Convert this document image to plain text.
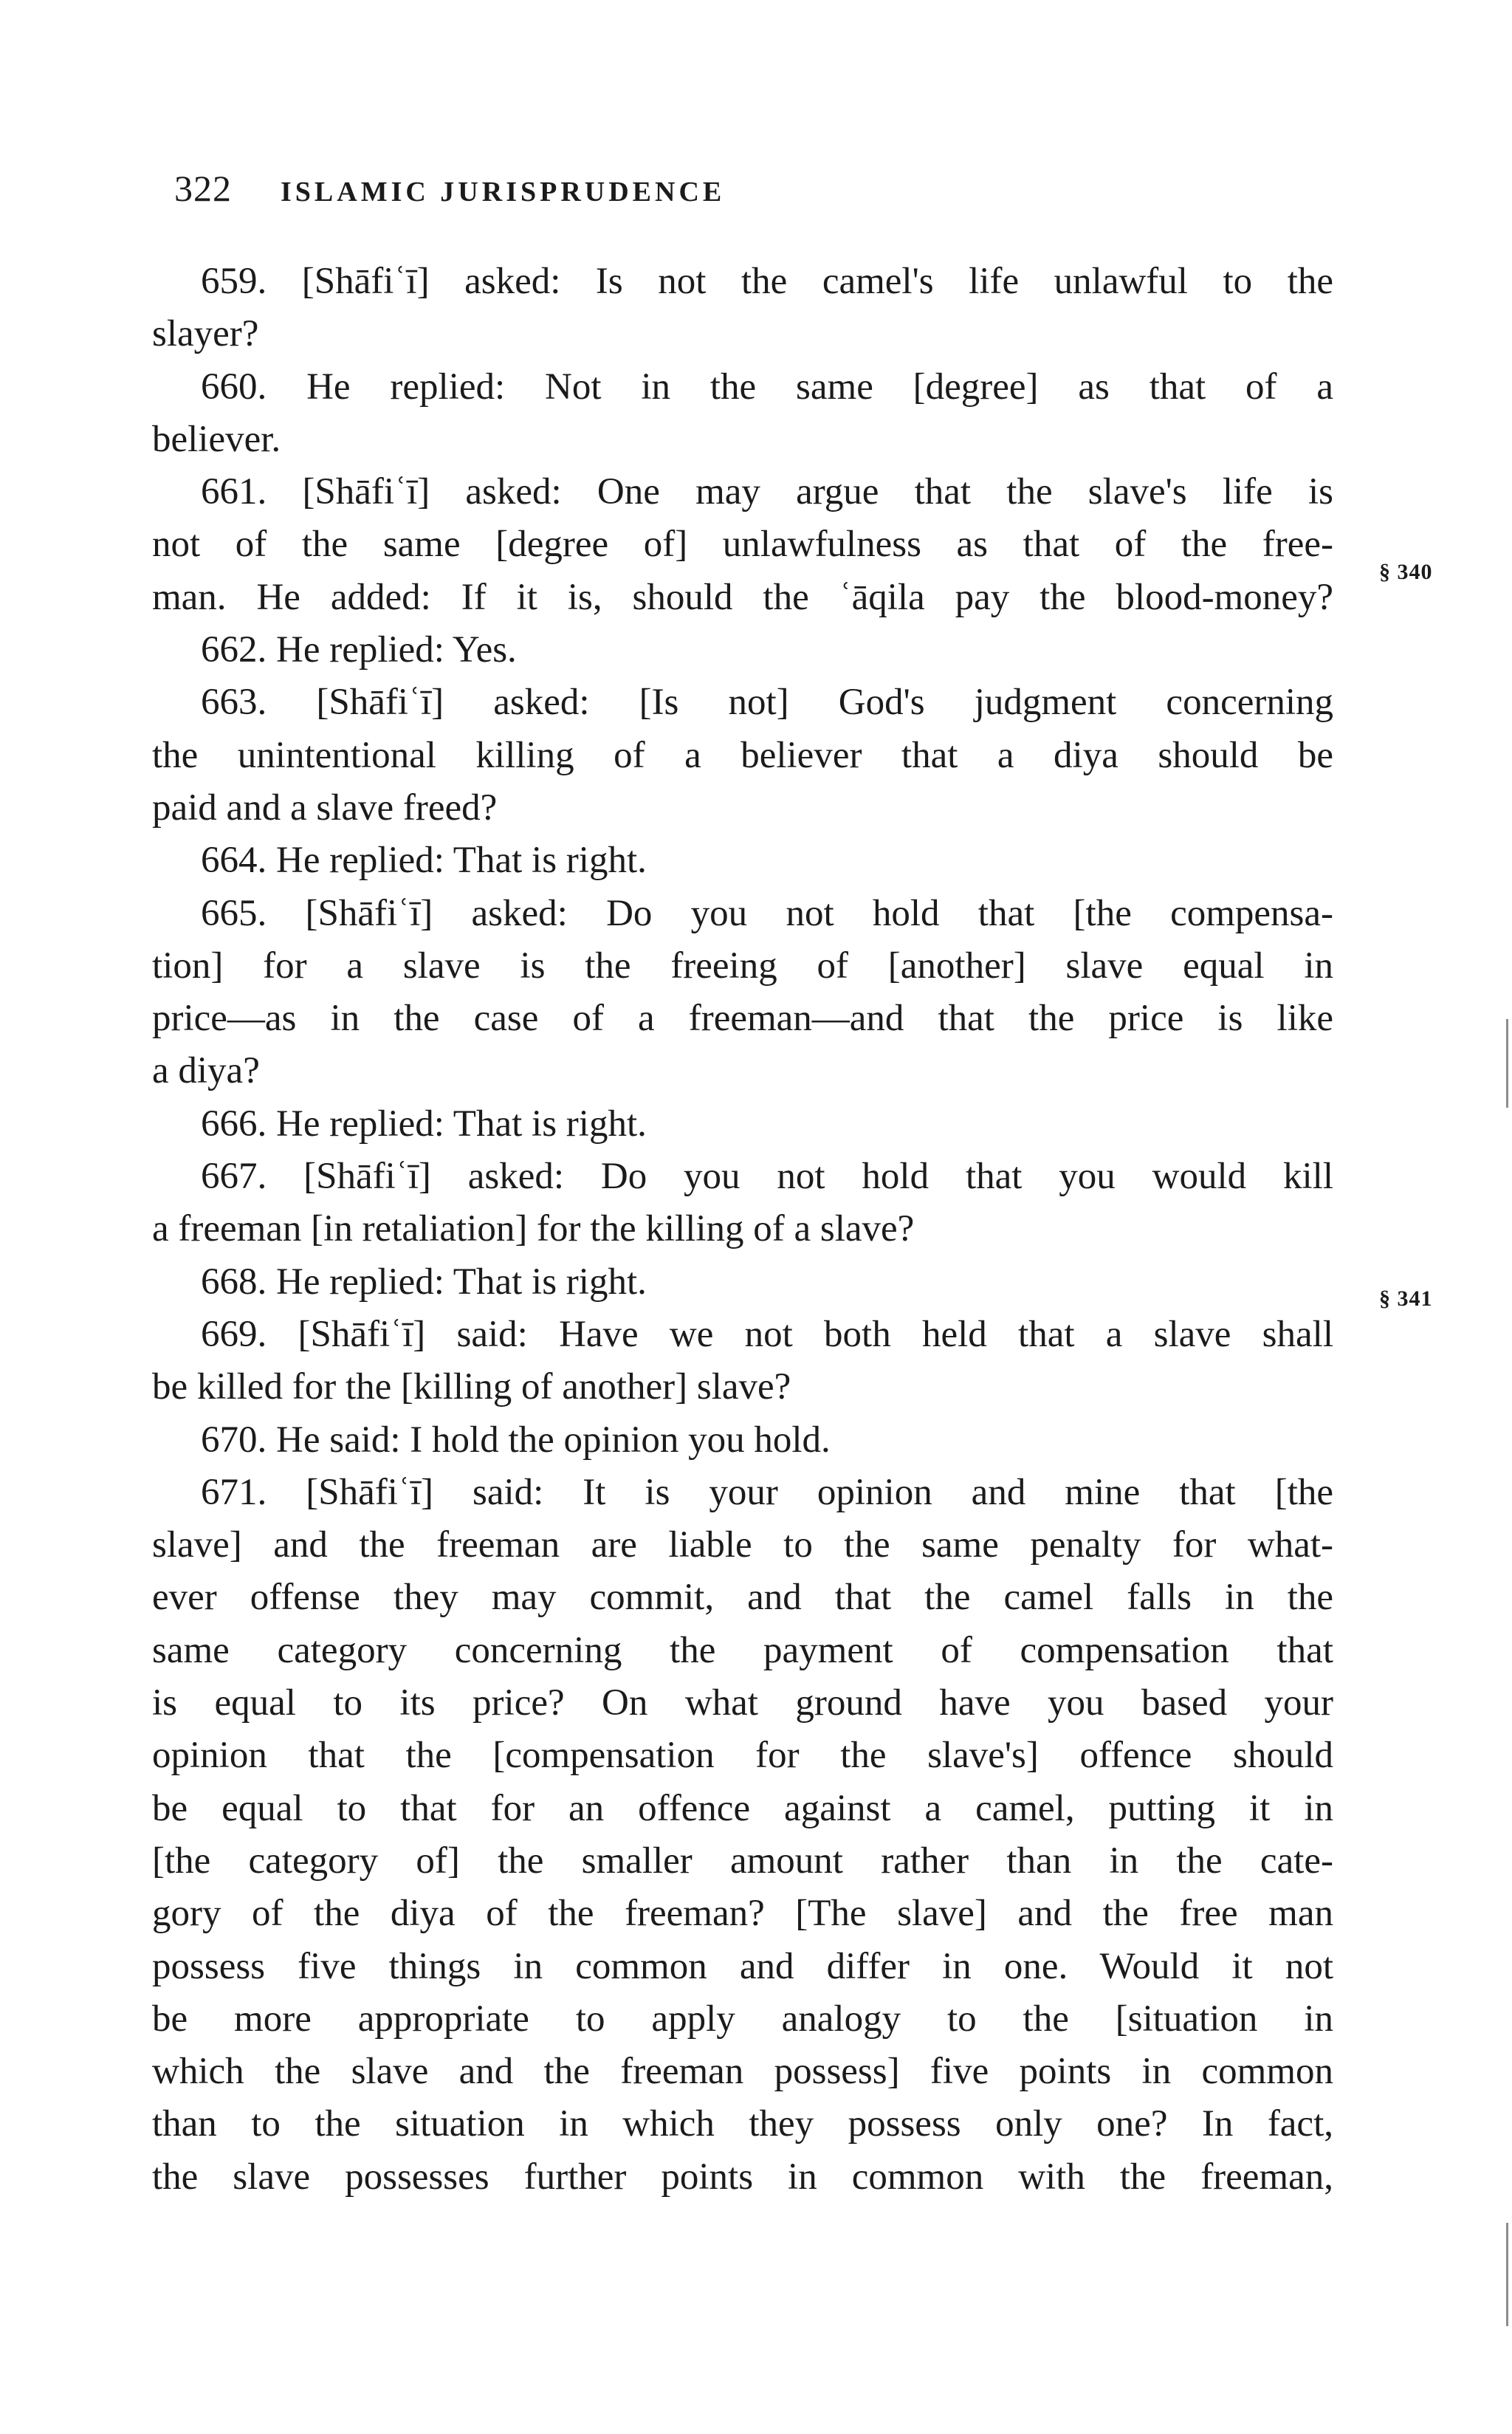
322 ISLAMIC JURISPRUDENCE
659. [Shāfiʿī] asked: Is not the camel's life unlawful to the
slayer?
660. He replied: Not in the same [degree] as that of a
believer.
661. [Shāfiʿī] asked: One may argue that the slave's life is
not of the same [degree of] unlawfulness as that of the free-
man. He added: If it is, should the ʿāqila pay the blood-money?
662. He replied: Yes.
663. [Shāfiʿī] asked: [Is not] God's judgment concerning
the unintentional killing of a believer that a diya should be
paid and a slave freed?
664. He replied: That is right.
665. [Shāfiʿī] asked: Do you not hold that [the compensa-
tion] for a slave is the freeing of [another] slave equal in
price—as in the case of a freeman—and that the price is like
a diya?
666. He replied: That is right.
667. [Shāfiʿī] asked: Do you not hold that you would kill
a freeman [in retaliation] for the killing of a slave?
668. He replied: That is right.
669. [Shāfiʿī] said: Have we not both held that a slave shall
be killed for the [killing of another] slave?
670. He said: I hold the opinion you hold.
671. [Shāfiʿī] said: It is your opinion and mine that [the
slave] and the freeman are liable to the same penalty for what-
ever offense they may commit, and that the camel falls in the
same category concerning the payment of compensation that
is equal to its price? On what ground have you based your
opinion that the [compensation for the slave's] offence should
be equal to that for an offence against a camel, putting it in
[the category of] the smaller amount rather than in the cate-
gory of the diya of the freeman? [The slave] and the free man
possess five things in common and differ in one. Would it not
be more appropriate to apply analogy to the [situation in
which the slave and the freeman possess] five points in common
than to the situation in which they possess only one? In fact,
the slave possesses further points in common with the freeman,
§ 340
§ 341
